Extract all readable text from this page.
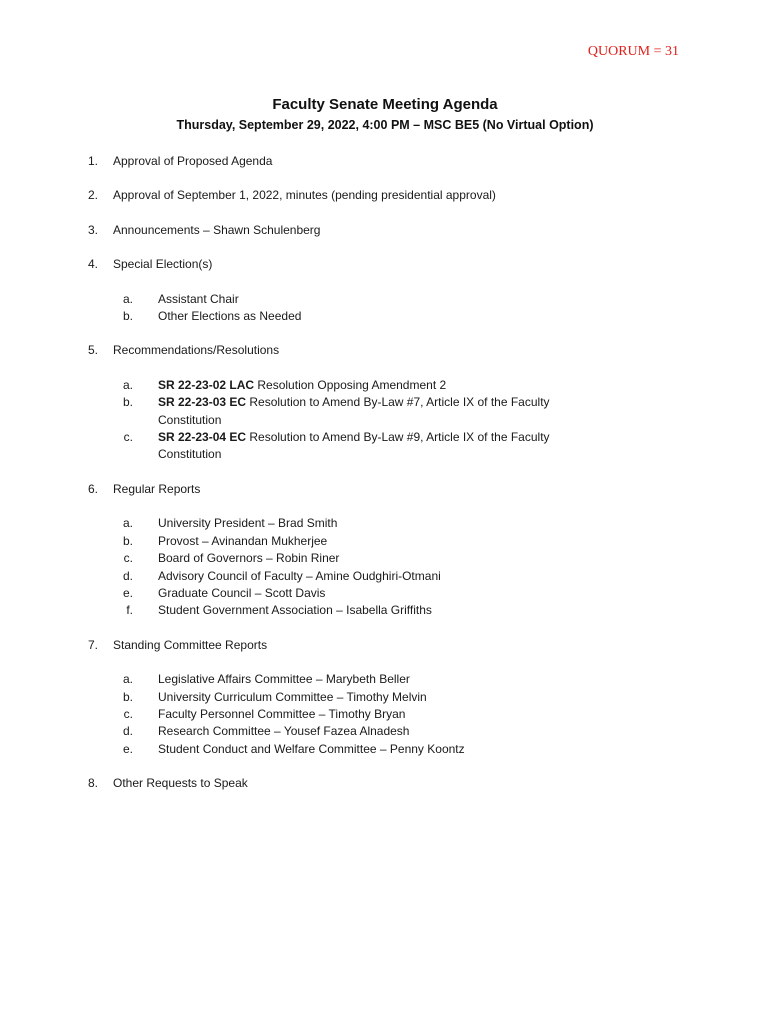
QUORUM = 31
Faculty Senate Meeting Agenda
Thursday, September 29, 2022, 4:00 PM – MSC BE5 (No Virtual Option)
1.	Approval of Proposed Agenda
2.	Approval of September 1, 2022, minutes (pending presidential approval)
3.	Announcements – Shawn Schulenberg
4.	Special Election(s)
a.	Assistant Chair
b.	Other Elections as Needed
5.	Recommendations/Resolutions
a.	SR 22-23-02 LAC Resolution Opposing Amendment 2
b.	SR 22-23-03 EC Resolution to Amend By-Law #7, Article IX of the Faculty Constitution
c.	SR 22-23-04 EC Resolution to Amend By-Law #9, Article IX of the Faculty Constitution
6.	Regular Reports
a.	University President – Brad Smith
b.	Provost – Avinandan Mukherjee
c.	Board of Governors – Robin Riner
d.	Advisory Council of Faculty – Amine Oudghiri-Otmani
e.	Graduate Council – Scott Davis
f.	Student Government Association – Isabella Griffiths
7.	Standing Committee Reports
a.	Legislative Affairs Committee – Marybeth Beller
b.	University Curriculum Committee – Timothy Melvin
c.	Faculty Personnel Committee – Timothy Bryan
d.	Research Committee – Yousef Fazea Alnadesh
e.	Student Conduct and Welfare Committee – Penny Koontz
8.	Other Requests to Speak
